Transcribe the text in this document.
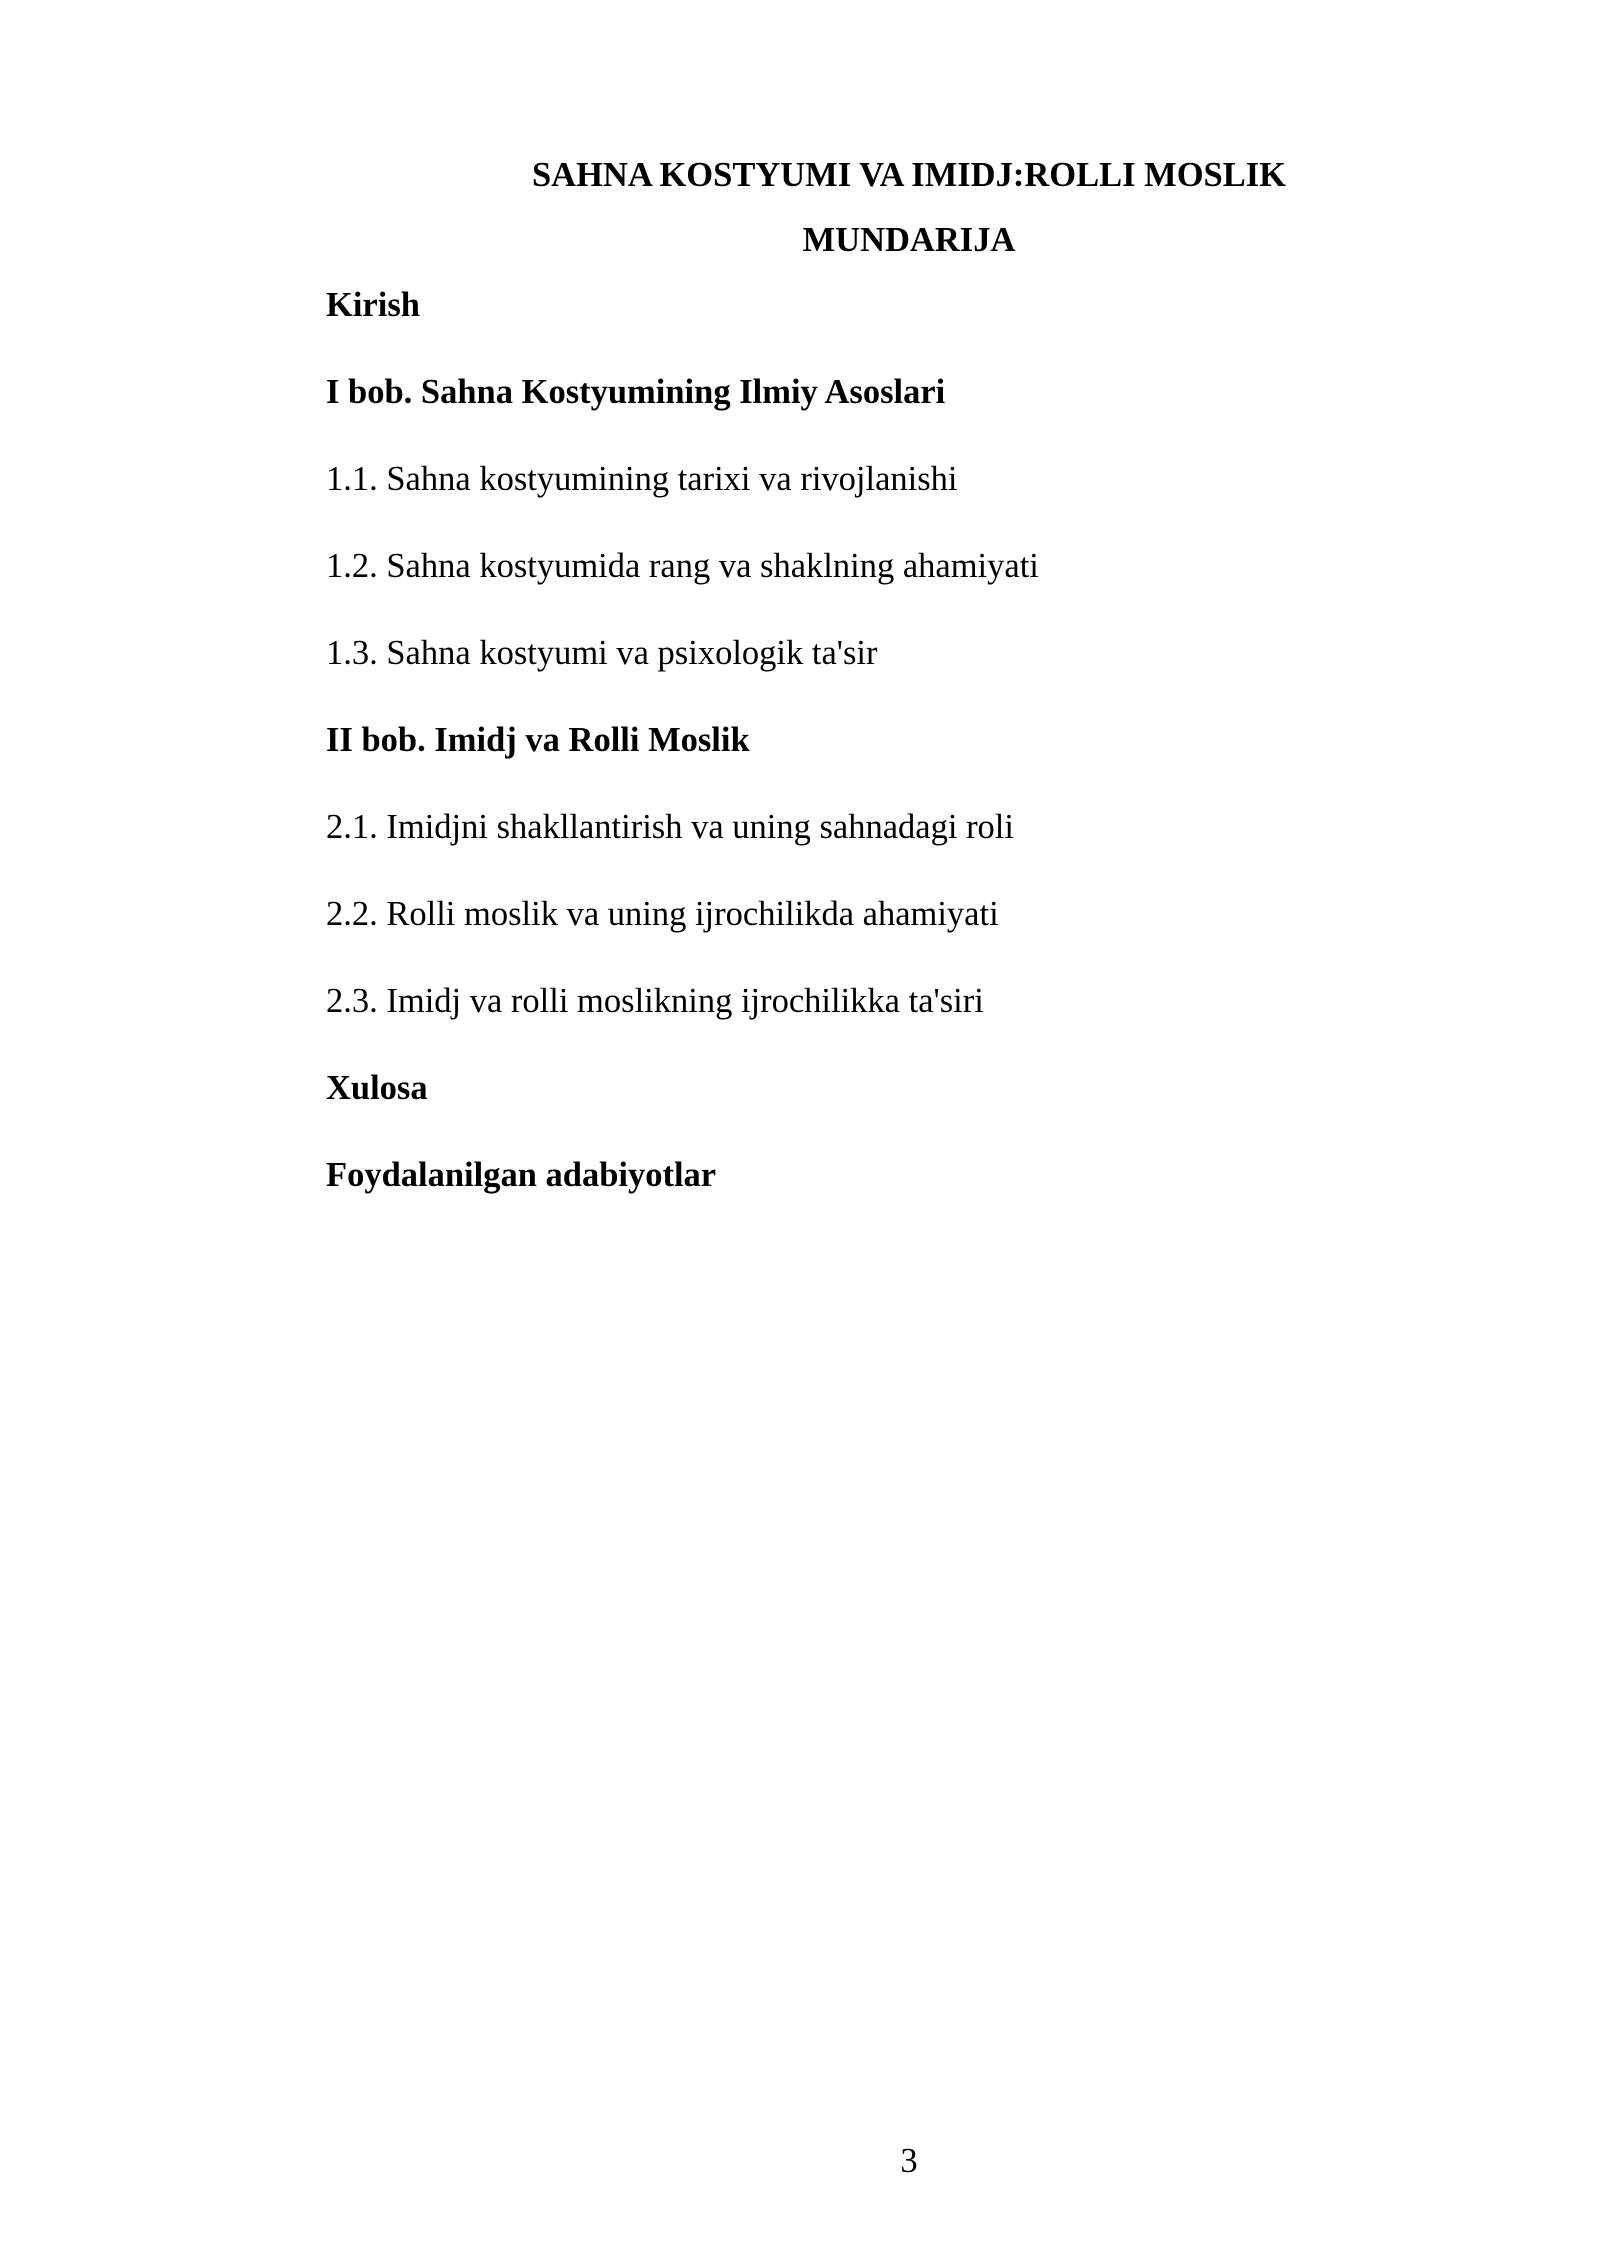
SAHNA KOSTYUMI VA IMIDJ:ROLLI MOSLIK
MUNDARIJA
Kirish
I bob. Sahna Kostyumining Ilmiy Asoslari
1.1. Sahna kostyumining tarixi va rivojlanishi
1.2. Sahna kostyumida rang va shaklning ahamiyati
1.3. Sahna kostyumi va psixologik ta'sir
II bob. Imidj va Rolli Moslik
2.1. Imidjni shakllantirish va uning sahnadagi roli
2.2. Rolli moslik va uning ijrochilikda ahamiyati
2.3. Imidj va rolli moslikning ijrochilikka ta'siri
Xulosa
Foydalanilgan adabiyotlar

3
